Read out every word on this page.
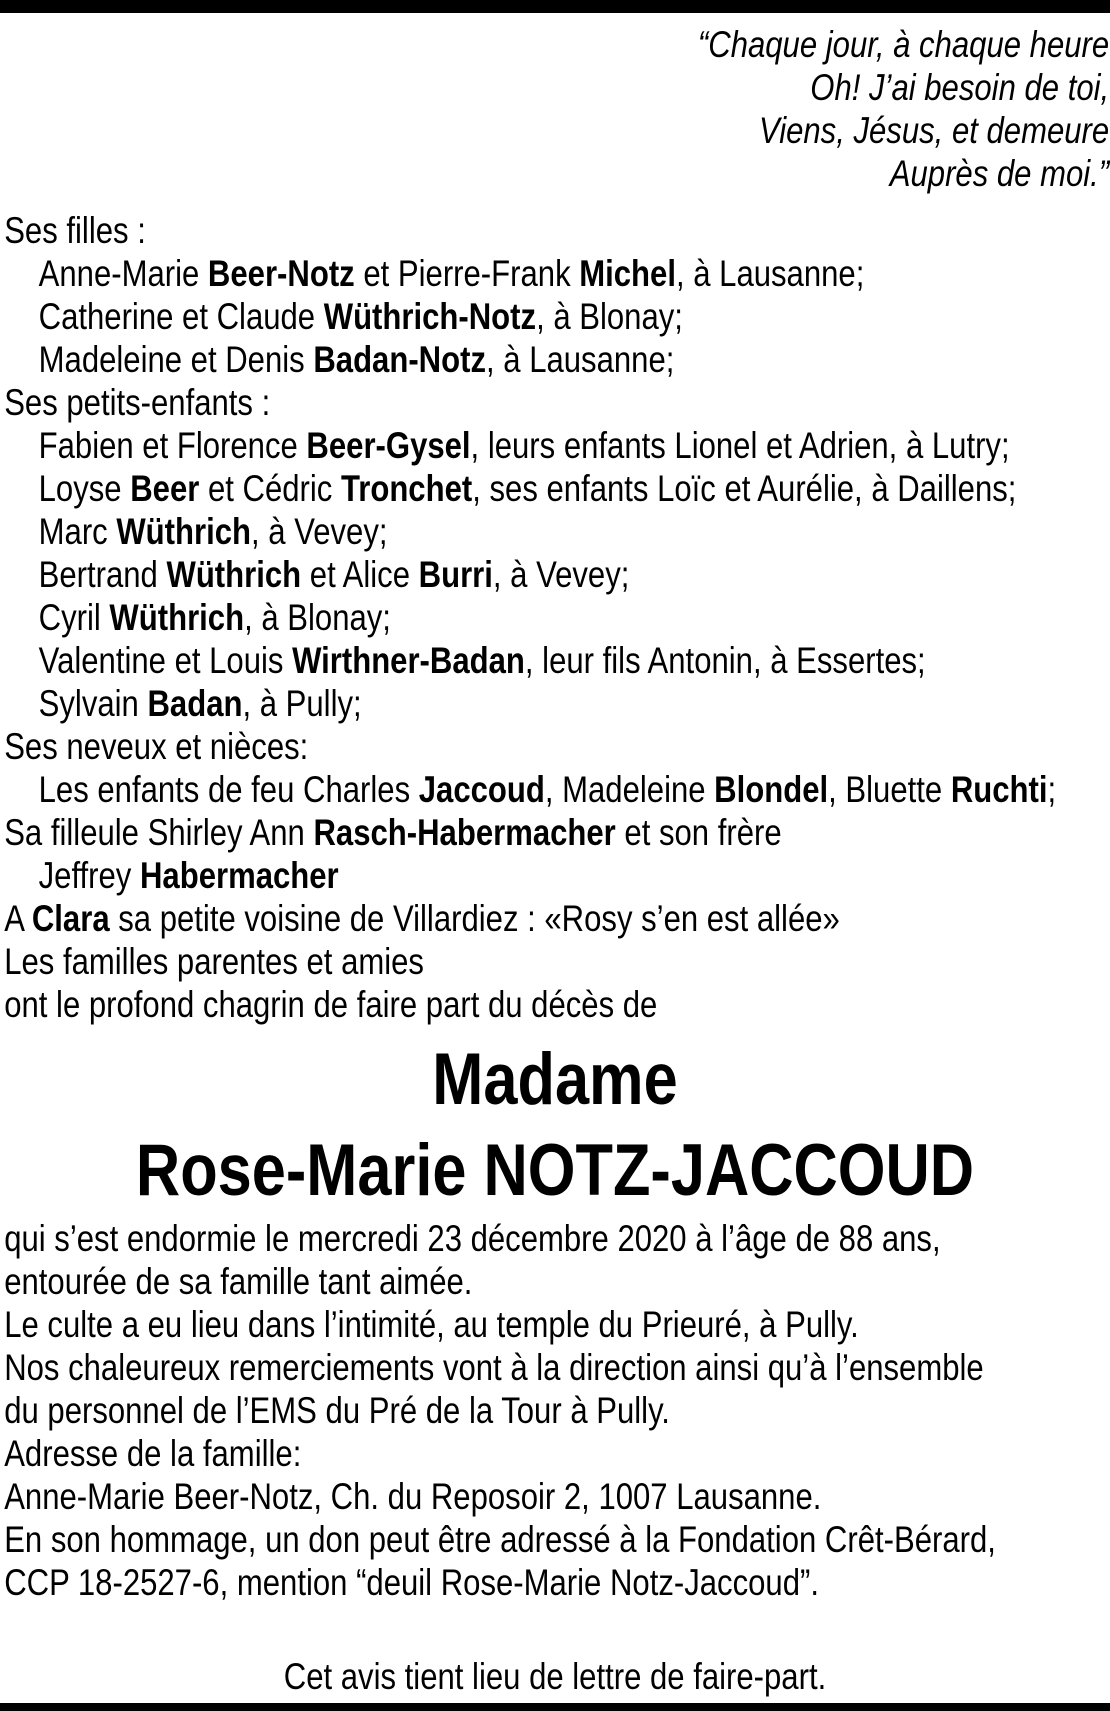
“Chaque jour, à chaque heure
Oh! J’ai besoin de toi,
Viens, Jésus, et demeure
Auprès de moi.”
Ses filles :
Anne-Marie Beer-Notz et Pierre-Frank Michel, à Lausanne;
Catherine et Claude Wüthrich-Notz, à Blonay;
Madeleine et Denis Badan-Notz, à Lausanne;
Ses petits-enfants :
Fabien et Florence Beer-Gysel, leurs enfants Lionel et Adrien, à Lutry;
Loyse Beer et Cédric Tronchet, ses enfants Loïc et Aurélie, à Daillens;
Marc Wüthrich, à Vevey;
Bertrand Wüthrich et Alice Burri, à Vevey;
Cyril Wüthrich, à Blonay;
Valentine et Louis Wirthner-Badan, leur fils Antonin, à Essertes;
Sylvain Badan, à Pully;
Ses neveux et nièces:
Les enfants de feu Charles Jaccoud, Madeleine Blondel, Bluette Ruchti;
Sa filleule Shirley Ann Rasch-Habermacher et son frère
Jeffrey Habermacher
A Clara sa petite voisine de Villardiez : «Rosy s’en est allée»
Les familles parentes et amies
ont le profond chagrin de faire part du décès de
Madame
Rose-Marie NOTZ-JACCOUD
qui s’est endormie le mercredi 23 décembre 2020 à l’âge de 88 ans,
entourée de sa famille tant aimée.
Le culte a eu lieu dans l’intimité, au temple du Prieuré, à Pully.
Nos chaleureux remerciements vont à la direction ainsi qu’à l’ensemble
du personnel de l’EMS du Pré de la Tour à Pully.
Adresse de la famille:
Anne-Marie Beer-Notz, Ch. du Reposoir 2, 1007 Lausanne.
En son hommage, un don peut être adressé à la Fondation Crêt-Bérard,
CCP 18-2527-6, mention “deuil Rose-Marie Notz-Jaccoud”.
Cet avis tient lieu de lettre de faire-part.
